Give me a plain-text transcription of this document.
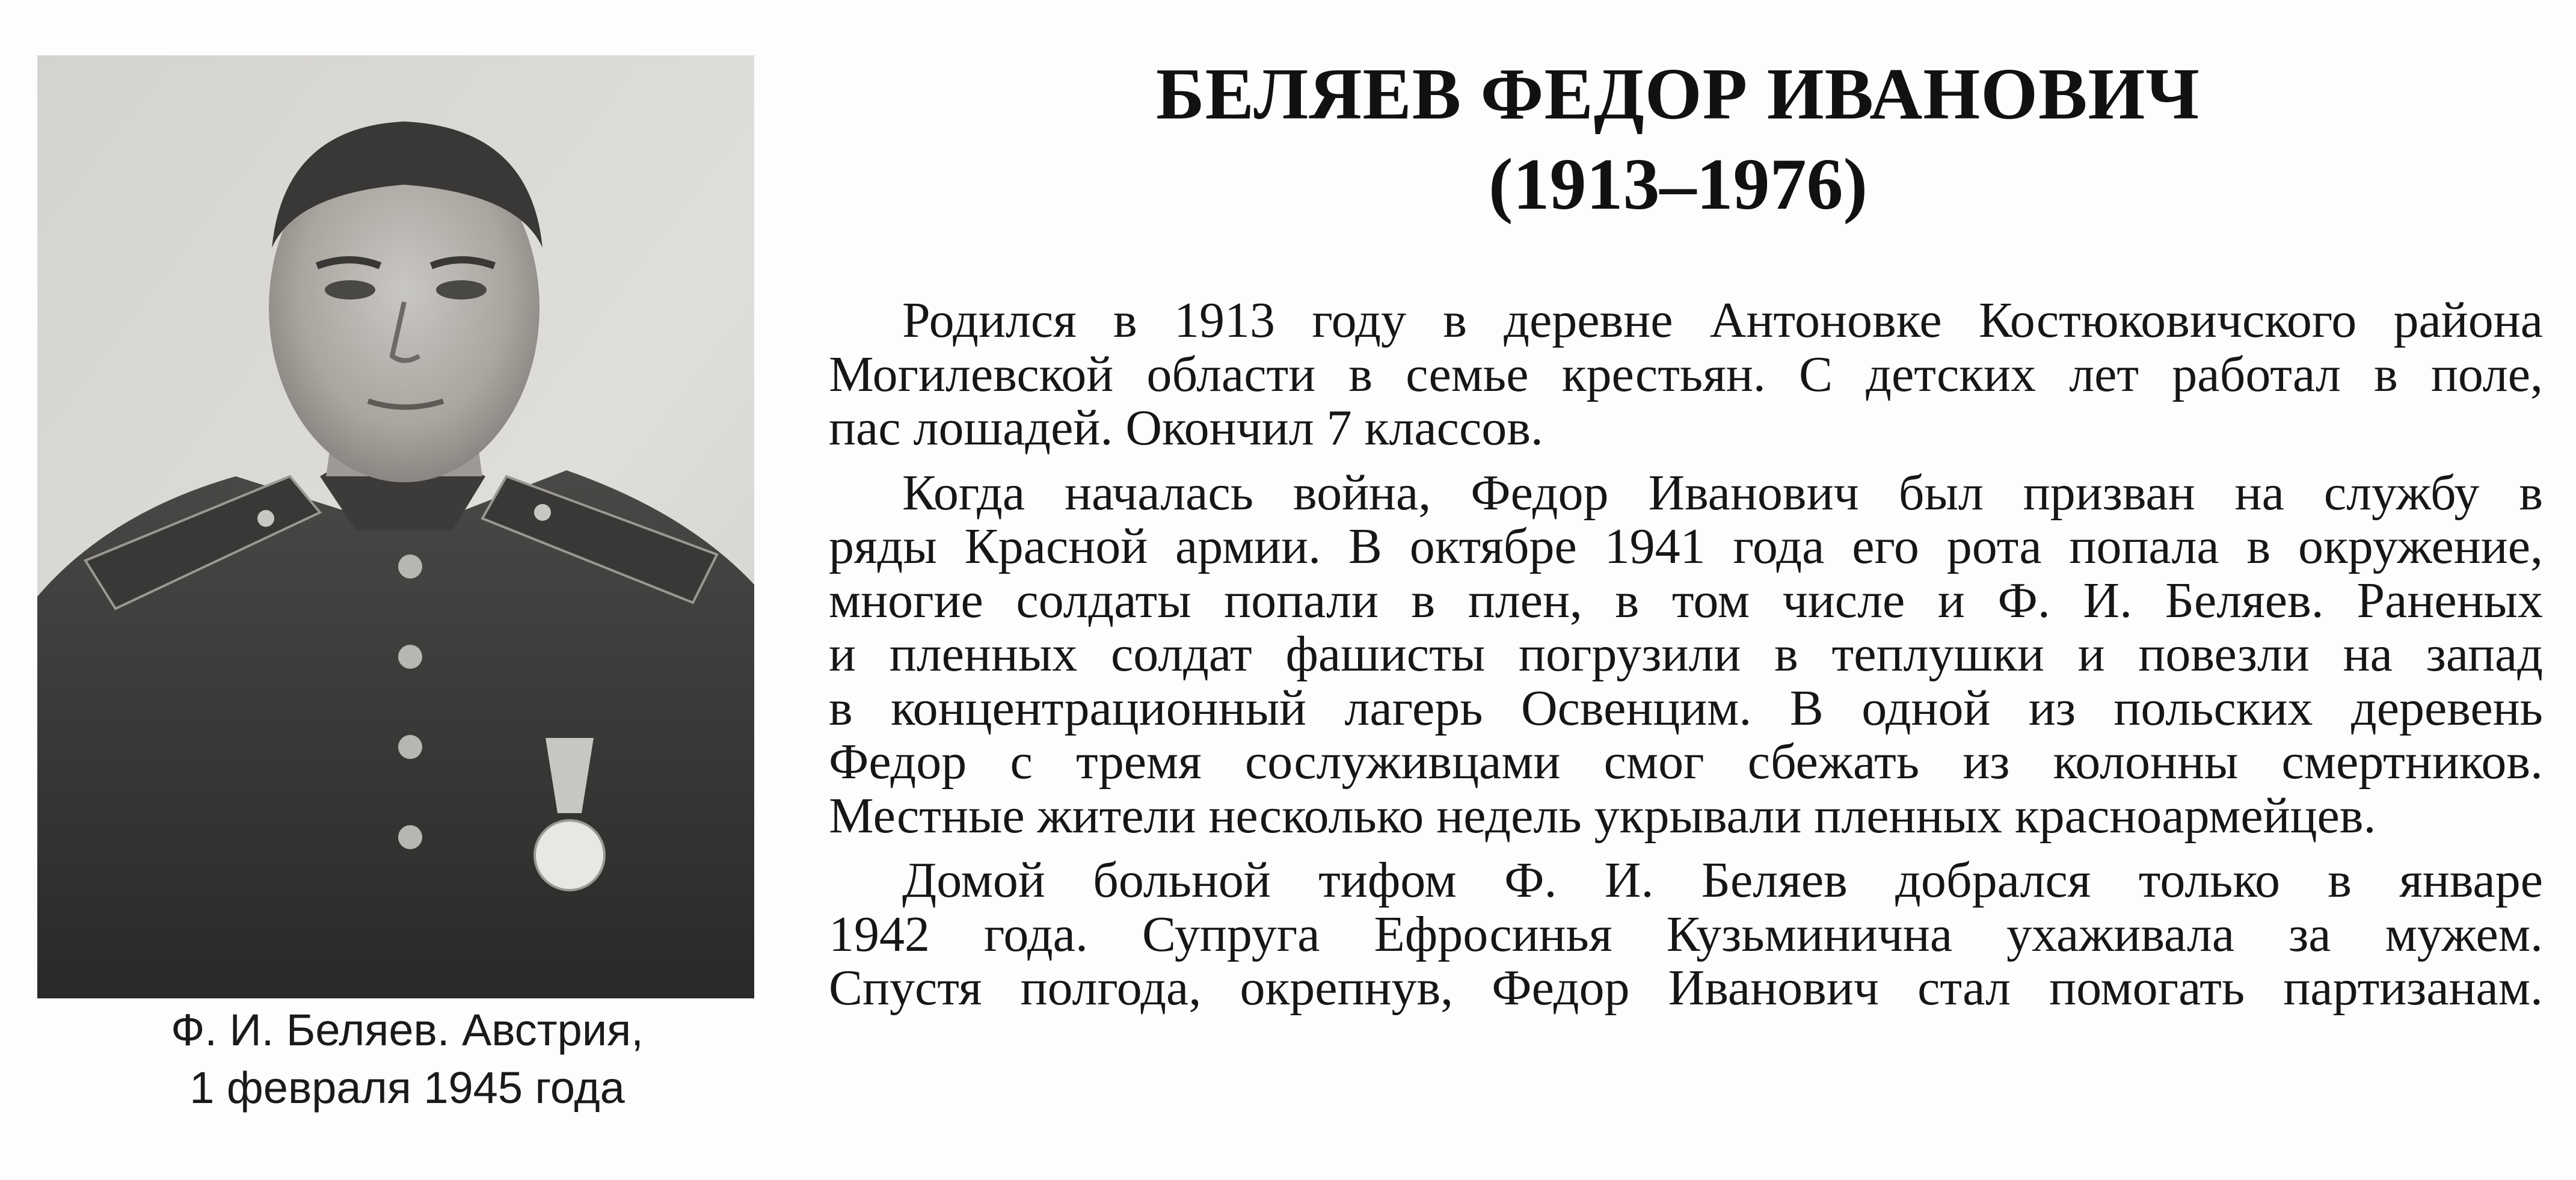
Ф. И. Беляев. Австрия,
1 февраля 1945 года
БЕЛЯЕВ ФЕДОР ИВАНОВИЧ
(1913–1976)
Родился в 1913 году в деревне Антоновке Костюковичского района
Могилевской области в семье крестьян. С детских лет работал в поле,
пас лошадей. Окончил 7 классов.
Когда началась война, Федор Иванович был призван на службу в
ряды Красной армии. В октябре 1941 года его рота попала в окружение,
многие солдаты попали в плен, в том числе и Ф. И. Беляев. Раненых
и пленных солдат фашисты погрузили в теплушки и повезли на запад
в концентрационный лагерь Освенцим. В одной из польских деревень
Федор с тремя сослуживцами смог сбежать из колонны смертников.
Местные жители несколько недель укрывали пленных красноармейцев.
Домой больной тифом Ф. И. Беляев добрался только в январе
1942 года. Супруга Ефросинья Кузьминична ухаживала за мужем.
Спустя полгода, окрепнув, Федор Иванович стал помогать партизанам.
